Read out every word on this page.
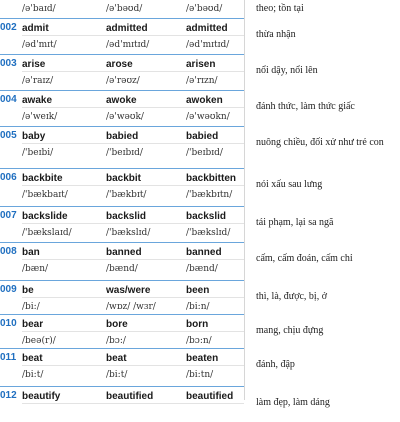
/ə'baɪd/	/ə'bəʊd/	/ə'bəʊd/	theo; tồn tại
002 admit	admitted	admitted
/əd'mɪt/	/əd'mɪtɪd/	/əd'mɪtɪd/
thừa nhận
003 arise	arose	arisen
/ə'raɪz/	/ə'rəʊz/	/ə'rɪzn/
nổi dậy, nổi lên
004 awake	awoke	awoken
/ə'weɪk/	/ə'wəʊk/	/ə'wəʊkn/
đánh thức, làm thức giấc
005 baby	babied	babied
/'beɪbi/	/'beɪbɪd/	/'beɪbɪd/
nuông chiều, đối xử như trẻ con
006 backbite	backbit	backbitten
/'bækbaɪt/	/'bækbɪt/	/'bækbɪtn/
nói xấu sau lưng
007 backslide	backslid	backslid
/'bækslaɪd/	/'bækslɪd/	/'bækslɪd/
tái phạm, lại sa ngã
008 ban	banned	banned
/bæn/	/bænd/	/bænd/
cấm, cấm đoán, cấm chỉ
009 be	was/were	been
/bi:/	/wɒz/ /wɜr/	/bi:n/
thì, là, được, bị, ở
010 bear	bore	born
/beə(r)/	/bɔ:/	/bɔ:n/
mang, chịu đựng
011 beat	beat	beaten
/bi:t/	/bi:t/	/bi:tn/
đánh, đập
012 beautify	beautified	beautified
làm đẹp, làm dáng
